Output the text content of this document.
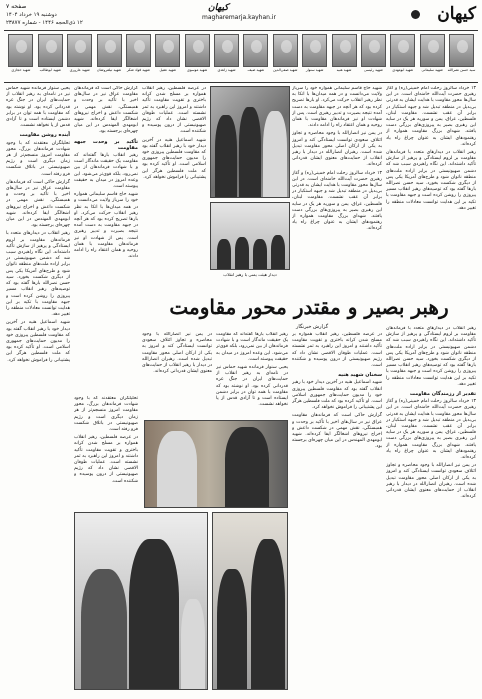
کیهان
کیهان
magharemarja.kayhan.ir
صفحه ۷
دوشنبه ۱۹ خرداد ۱۴۰۴
۱۲ ذی‌الحجه ۱۴۴۶ - شماره ۲۳۸۷۷
سید حسن نصرالله
شهید سلیمانی
شهید ابومهدی
شهید رئیسی
شهید هنیه
شهید سنوار
شهید صفی‌الدین
شهید ضیف
شهید زاهدی
شهید موسوی
شهید عقیل
شهید فواد شکر
شهید نیلفروشان
شهید عاروری
شهید ابوطالب
شهید حجازی

۱۳ خرداد سالروز رحلت امام خمینی(ره) و آغاز رهبری حضرت آیت‌الله خامنه‌ای است. در این سال‌ها محور مقاومت با هدایت ایشان به قدرتی بی‌بدیل در منطقه تبدیل شد و جبهه استکبار در برابر آن عقب نشست. مقاومت لبنان، فلسطین، عراق، یمن و سوریه هر یک در سایه این رهبری بصیر به پیروزی‌های بزرگی دست یافتند. شهدای بزرگ مقاومت همواره از رهنمودهای ایشان به عنوان چراغ راه یاد کرده‌اند.

رهبر انقلاب در دیدارهای متعدد با فرماندهان مقاومت بر لزوم ایستادگی و پرهیز از سازش تأکید داشته‌اند. این نگاه راهبردی سبب شد که دشمن صهیونیستی در برابر اراده ملت‌های منطقه ناتوان شود و طرح‌های آمریکا یکی پس از دیگری شکست بخورد. سید حسن نصرالله بارها گفته بود که توصیه‌های رهبر انقلاب مسیر پیروزی را روشن کرده است و جبهه مقاومت با تکیه بر این هدایت توانست معادلات منطقه را تغییر دهد.

رهبر انقلاب در دیدارهای متعدد با فرماندهان مقاومت بر لزوم ایستادگی و پرهیز از سازش تأکید داشته‌اند. این نگاه راهبردی سبب شد که دشمن صهیونیستی در برابر اراده ملت‌های منطقه ناتوان شود و طرح‌های آمریکا یکی پس از دیگری شکست بخورد. سید حسن نصرالله بارها گفته بود که توصیه‌های رهبر انقلاب مسیر پیروزی را روشن کرده است و جبهه مقاومت با تکیه بر این هدایت توانست معادلات منطقه را تغییر دهد.

تقدیر از رزمندگان مقاومت

۱۳ خرداد سالروز رحلت امام خمینی(ره) و آغاز رهبری حضرت آیت‌الله خامنه‌ای است. در این سال‌ها محور مقاومت با هدایت ایشان به قدرتی بی‌بدیل در منطقه تبدیل شد و جبهه استکبار در برابر آن عقب نشست. مقاومت لبنان، فلسطین، عراق، یمن و سوریه هر یک در سایه این رهبری بصیر به پیروزی‌های بزرگی دست یافتند. شهدای بزرگ مقاومت همواره از رهنمودهای ایشان به عنوان چراغ راه یاد کرده‌اند.

در یمن نیز انصارالله با وجود محاصره و تجاوز ائتلاف سعودی توانست ایستادگی کند و امروز به یکی از ارکان اصلی محور مقاومت تبدیل شده است. رهبران انصارالله در دیدار با رهبر انقلاب از حمایت‌های معنوی ایشان قدردانی کرده‌اند.

شهید حاج قاسم سلیمانی همواره خود را سرباز ولایت می‌دانست و در همه میدان‌ها با اتکا به نظر رهبر انقلاب حرکت می‌کرد. او بارها تصریح کرده بود که هر آنچه در جبهه مقاومت به دست آمده نتیجه بصیرت و تدبیر رهبری است. پس از شهادت او نیز فرماندهان مقاومت با همان روحیه و همان اعتقاد راه را ادامه دادند.

در یمن نیز انصارالله با وجود محاصره و تجاوز ائتلاف سعودی توانست ایستادگی کند و امروز به یکی از ارکان اصلی محور مقاومت تبدیل شده است. رهبران انصارالله در دیدار با رهبر انقلاب از حمایت‌های معنوی ایشان قدردانی کرده‌اند.

۱۳ خرداد سالروز رحلت امام خمینی(ره) و آغاز رهبری حضرت آیت‌الله خامنه‌ای است. در این سال‌ها محور مقاومت با هدایت ایشان به قدرتی بی‌بدیل در منطقه تبدیل شد و جبهه استکبار در برابر آن عقب نشست. مقاومت لبنان، فلسطین، عراق، یمن و سوریه هر یک در سایه این رهبری بصیر به پیروزی‌های بزرگی دست یافتند. شهدای بزرگ مقاومت همواره از رهنمودهای ایشان به عنوان چراغ راه یاد کرده‌اند.

در عرصه فلسطین، رهبر انقلاب همواره بر مسلح شدن کرانه باختری و تقویت مقاومت تأکید داشتند و امروز این راهبرد به ثمر نشسته است. عملیات طوفان الاقصی نشان داد که رژیم صهیونیستی از درون پوسیده و شکننده است.

سخنان شهید هنیه

شهید اسماعیل هنیه در آخرین دیدار خود با رهبر انقلاب گفته بود که مقاومت فلسطین پیروزی خود را مدیون حمایت‌های جمهوری اسلامی است. او تأکید کرده بود که ملت فلسطین هرگز این پشتیبانی را فراموش نخواهد کرد.

گزارش حاکی است که فرماندهان مقاومت عراق نیز در سال‌های اخیر با تأکید بر وحدت و همبستگی، نقش مهمی در شکست داعش و اخراج نیروهای اشغالگر ایفا کرده‌اند. شهید ابومهدی المهندس در این میان چهره‌ای برجسته بود.

دیدار هیئت یمنی با رهبر انقلاب

در عرصه فلسطین، رهبر انقلاب همواره بر مسلح شدن کرانه باختری و تقویت مقاومت تأکید داشتند و امروز این راهبرد به ثمر نشسته است. عملیات طوفان الاقصی نشان داد که رژیم صهیونیستی از درون پوسیده و شکننده است.

شهید اسماعیل هنیه در آخرین دیدار خود با رهبر انقلاب گفته بود که مقاومت فلسطین پیروزی خود را مدیون حمایت‌های جمهوری اسلامی است. او تأکید کرده بود که ملت فلسطین هرگز این پشتیبانی را فراموش نخواهد کرد.

گزارش حاکی است که فرماندهان مقاومت عراق نیز در سال‌های اخیر با تأکید بر وحدت و همبستگی، نقش مهمی در شکست داعش و اخراج نیروهای اشغالگر ایفا کرده‌اند. شهید ابومهدی المهندس در این میان چهره‌ای برجسته بود.

تأکید بر وحدت جبهه مقاومت

رهبر انقلاب بارها گفته‌اند که مقاومت یک حقیقت ماندگار است و با شهادت فرماندهان از بین نمی‌رود، بلکه قوی‌تر می‌شود. این وعده امروز در میدان به حقیقت پیوسته است.

شهید حاج قاسم سلیمانی همواره خود را سرباز ولایت می‌دانست و در همه میدان‌ها با اتکا به نظر رهبر انقلاب حرکت می‌کرد. او بارها تصریح کرده بود که هر آنچه در جبهه مقاومت به دست آمده نتیجه بصیرت و تدبیر رهبری است. پس از شهادت او نیز فرماندهان مقاومت با همان روحیه و همان اعتقاد راه را ادامه دادند.

تحلیلگران معتقدند که با وجود شهادت فرماندهان بزرگ، محور مقاومت امروز منسجم‌تر از هر زمان دیگری است و رژیم صهیونیستی در باتلاق شکست فرو رفته است.

در عرصه فلسطین، رهبر انقلاب همواره بر مسلح شدن کرانه باختری و تقویت مقاومت تأکید داشتند و امروز این راهبرد به ثمر نشسته است. عملیات طوفان الاقصی نشان داد که رژیم صهیونیستی از درون پوسیده و شکننده است.

یحیی سنوار فرمانده شهید حماس نیز در نامه‌ای به رهبر انقلاب از حمایت‌های ایران در جنگ غزه قدردانی کرده بود. او نوشته بود که مقاومت با همه توان در برابر دشمن ایستاده است و تا آزادی قدس از پا نخواهد نشست.

آینده روشن مقاومت

تحلیلگران معتقدند که با وجود شهادت فرماندهان بزرگ، محور مقاومت امروز منسجم‌تر از هر زمان دیگری است و رژیم صهیونیستی در باتلاق شکست فرو رفته است.

گزارش حاکی است که فرماندهان مقاومت عراق نیز در سال‌های اخیر با تأکید بر وحدت و همبستگی، نقش مهمی در شکست داعش و اخراج نیروهای اشغالگر ایفا کرده‌اند. شهید ابومهدی المهندس در این میان چهره‌ای برجسته بود.

رهبر انقلاب در دیدارهای متعدد با فرماندهان مقاومت بر لزوم ایستادگی و پرهیز از سازش تأکید داشته‌اند. این نگاه راهبردی سبب شد که دشمن صهیونیستی در برابر اراده ملت‌های منطقه ناتوان شود و طرح‌های آمریکا یکی پس از دیگری شکست بخورد. سید حسن نصرالله بارها گفته بود که توصیه‌های رهبر انقلاب مسیر پیروزی را روشن کرده است و جبهه مقاومت با تکیه بر این هدایت توانست معادلات منطقه را تغییر دهد.

شهید اسماعیل هنیه در آخرین دیدار خود با رهبر انقلاب گفته بود که مقاومت فلسطین پیروزی خود را مدیون حمایت‌های جمهوری اسلامی است. او تأکید کرده بود که ملت فلسطین هرگز این پشتیبانی را فراموش نخواهد کرد.

رهبر بصیر و مقتدر محور مقاومت
گزارش خبرنگار

رهبر انقلاب بارها گفته‌اند که مقاومت یک حقیقت ماندگار است و با شهادت فرماندهان از بین نمی‌رود، بلکه قوی‌تر می‌شود. این وعده امروز در میدان به حقیقت پیوسته است.

یحیی سنوار فرمانده شهید حماس نیز در نامه‌ای به رهبر انقلاب از حمایت‌های ایران در جنگ غزه قدردانی کرده بود. او نوشته بود که مقاومت با همه توان در برابر دشمن ایستاده است و تا آزادی قدس از پا نخواهد نشست.

در یمن نیز انصارالله با وجود محاصره و تجاوز ائتلاف سعودی توانست ایستادگی کند و امروز به یکی از ارکان اصلی محور مقاومت تبدیل شده است. رهبران انصارالله در دیدار با رهبر انقلاب از حمایت‌های معنوی ایشان قدردانی کرده‌اند.
